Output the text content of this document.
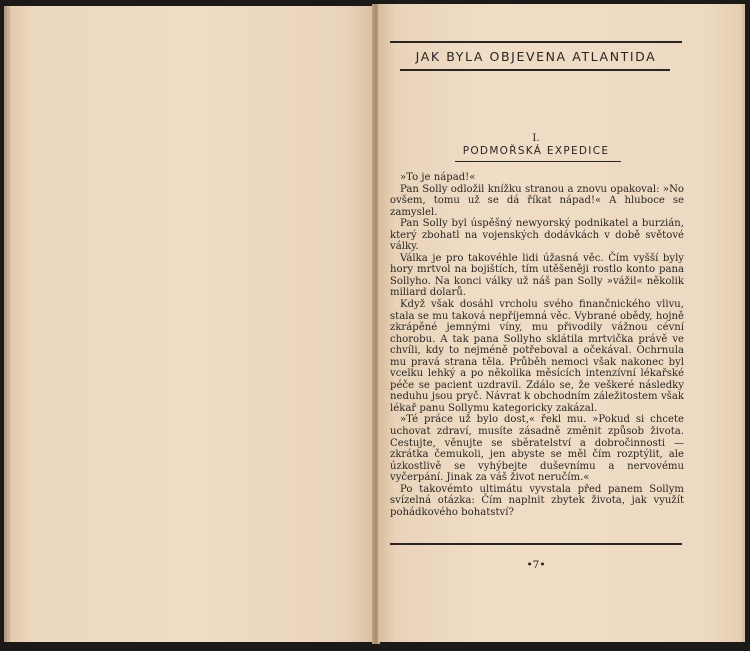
JAK BYLA OBJEVENA ATLANTIDA
I.
PODMOŘSKÁ EXPEDICE

»To je nápad!«

Pan Solly odložil knížku stranou a znovu opakoval: »No ovšem, tomu už se dá říkat nápad!« A hluboce se zamyslel.

Pan Solly byl úspěšný newyorský podnikatel a burzián, který zbohatl na vojenských dodávkách v době světové války.

Válka je pro takovéhle lidi úžasná věc. Čím vyšší byly hory mrtvol na bojištích, tím utěšeněji rostlo konto pana Sollyho. Na konci války už náš pan Solly »vážil« několik miliard dolarů.

Když však dosáhl vrcholu svého finančnického vlivu, stala se mu taková nepříjemná věc. Vybrané obědy, hojně zkrápěné jemnými víny, mu přivodily vážnou cévní chorobu. A tak pana Sollyho sklátila mrtvička právě ve chvíli, kdy to nejméně potřeboval a očekával. Ochrnula mu pravá strana těla. Průběh nemoci však nakonec byl vcelku lehký a po několika měsících intenzívní lékařské péče se pacient uzdravil. Zdálo se, že veškeré následky neduhu jsou pryč. Návrat k obchodním záležitostem však lékař panu Sollymu kategoricky zakázal.

»Té práce už bylo dost,« řekl mu. »Pokud si chcete uchovat zdraví, musíte zásadně změnit způsob života. Cestujte, věnujte se sběratelství a dobročinnosti — zkrátka čemukoli, jen abyste se měl čím rozptýlit, ale úzkostlivě se vyhýbejte duševnímu a nervovému vyčerpání. Jinak za váš život neručím.«

Po takovémto ultimátu vyvstala před panem Sollym svízelná otázka: Čím naplnit zbytek života, jak využít pohádkového bohatství?

•7•
